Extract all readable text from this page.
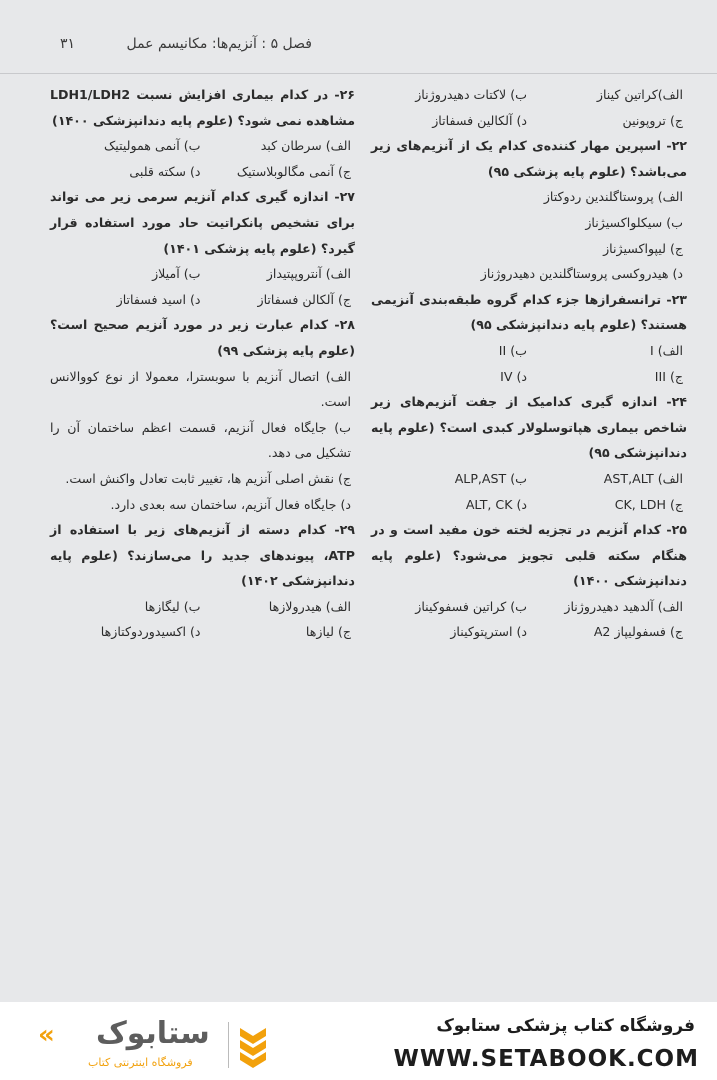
فصل ۵ : آنزیم‌ها: مکانیسم عمل
۳۱
الف)کراتین کیناز
ب) لاکتات دهیدروژناز
ج) تروپونین
د) آلکالین فسفاتاز
۲۲- اسپرین مهار کننده‌ی کدام یک از آنزیم‌های زیر می‌باشد؟ (علوم پایه پزشکی ۹۵)
الف) پروستاگلندین ردوکتاز
ب) سیکلواکسیژناز
ج) لیپواکسیژناز
د) هیدروکسی پروستاگلندین دهیدروژناز
۲۳- ترانسفرازها جزء کدام گروه طبقه‌بندی آنزیمی هستند؟ (علوم پایه دندانپزشکی ۹۵)
الف) I
ب) II
ج) III
د) IV
۲۴- اندازه گیری کدامیک از جفت آنزیم‌های زیر شاخص بیماری هپاتوسلولار کبدی است؟ (علوم پایه دندانپزشکی ۹۵)
الف) AST,ALT
ب) ALP,AST
ج) CK, LDH
د) ALT, CK
۲۵- کدام آنزیم در تجزیه لخته خون مفید است و در هنگام سکته قلبی تجویز می‌شود؟ (علوم پایه دندانپزشکی ۱۴۰۰)
الف) آلدهید دهیدروژناز
ب) کراتین فسفوکیناز
ج) فسفولیپاز A2
د) استرپتوکیناز
۲۶- در کدام بیماری افزایش نسبت LDH1/LDH2 مشاهده نمی شود؟ (علوم پایه دندانپزشکی ۱۴۰۰)
الف) سرطان کبد
ب) آنمی همولیتیک
ج) آنمی مگالوبلاستیک
د) سکته قلبی
۲۷- اندازه گیری کدام آنزیم سرمی زیر می تواند برای تشخیص پانکراتیت حاد مورد استفاده قرار گیرد؟ (علوم پایه پزشکی ۱۴۰۱)
الف) آنتروپپتیداز
ب) آمیلاز
ج) آلکالن فسفاتاز
د) اسید فسفاتاز
۲۸- کدام عبارت زیر در مورد آنزیم صحیح است؟ (علوم پایه پزشکی ۹۹)
الف) اتصال آنزیم با سوبسترا، معمولا از نوع کووالانس است.
ب) جایگاه فعال آنزیم، قسمت اعظم ساختمان آن را تشکیل می دهد.
ج) نقش اصلی آنزیم ها، تغییر ثابت تعادل واکنش است.
د) جایگاه فعال آنزیم، ساختمان سه بعدی دارد.
۲۹- کدام دسته از آنزیم‌های زیر با استفاده از ATP، پیوندهای جدید را می‌سازند؟ (علوم پایه دندانپزشکی ۱۴۰۲)
الف) هیدرولازها
ب) لیگازها
ج) لیازها
د) اکسیدوردوکتازها
« ستابوک
فروشگاه اینترنتی کتاب
فروشگاه کتاب پزشکی ستابوک
WWW.SETABOOK.COM
